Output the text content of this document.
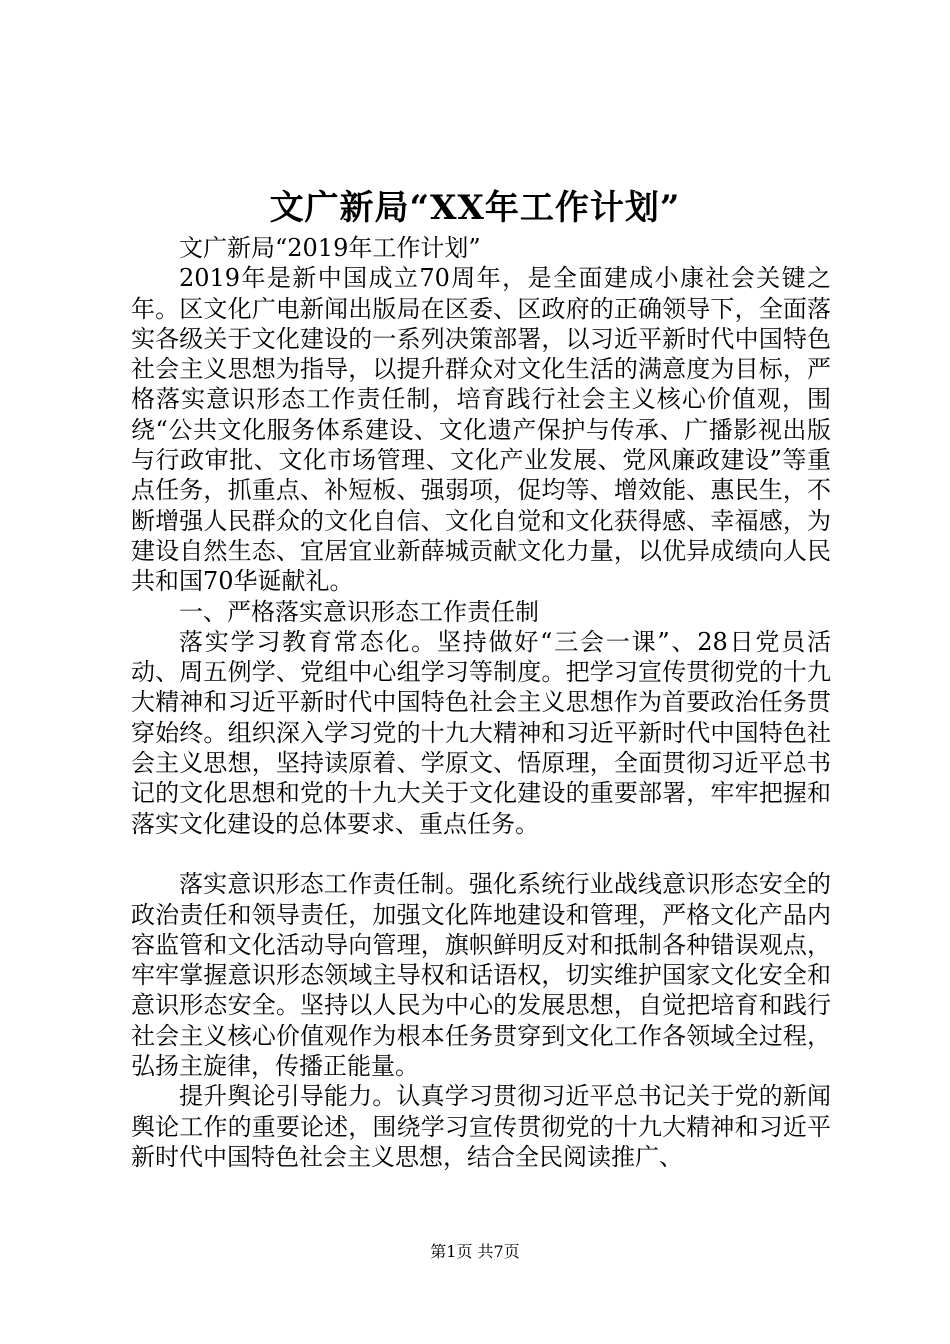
文广新局“XX年工作计划”

文广新局“2019年工作计划”

2019年是新中国成立70周年，是全面建成小康社会关键之年。区文化广电新闻出版局在区委、区政府的正确领导下，全面落实各级关于文化建设的一系列决策部署，以习近平新时代中国特色社会主义思想为指导，以提升群众对文化生活的满意度为目标，严格落实意识形态工作责任制，培育践行社会主义核心价值观，围绕“公共文化服务体系建设、文化遗产保护与传承、广播影视出版与行政审批、文化市场管理、文化产业发展、党风廉政建设”等重点任务，抓重点、补短板、强弱项，促均等、增效能、惠民生，不断增强人民群众的文化自信、文化自觉和文化获得感、幸福感，为建设自然生态、宜居宜业新薛城贡献文化力量，以优异成绩向人民共和国70华诞献礼。

一、严格落实意识形态工作责任制

落实学习教育常态化。坚持做好“三会一课”、28日党员活动、周五例学、党组中心组学习等制度。把学习宣传贯彻党的十九大精神和习近平新时代中国特色社会主义思想作为首要政治任务贯穿始终。组织深入学习党的十九大精神和习近平新时代中国特色社会主义思想，坚持读原着、学原文、悟原理，全面贯彻习近平总书记的文化思想和党的十九大关于文化建设的重要部署，牢牢把握和落实文化建设的总体要求、重点任务。

落实意识形态工作责任制。强化系统行业战线意识形态安全的政治责任和领导责任，加强文化阵地建设和管理，严格文化产品内容监管和文化活动导向管理，旗帜鲜明反对和抵制各种错误观点，牢牢掌握意识形态领域主导权和话语权，切实维护国家文化安全和意识形态安全。坚持以人民为中心的发展思想，自觉把培育和践行社会主义核心价值观作为根本任务贯穿到文化工作各领域全过程，弘扬主旋律，传播正能量。

提升舆论引导能力。认真学习贯彻习近平总书记关于党的新闻舆论工作的重要论述，围绕学习宣传贯彻党的十九大精神和习近平新时代中国特色社会主义思想，结合全民阅读推广、

第1页 共7页
